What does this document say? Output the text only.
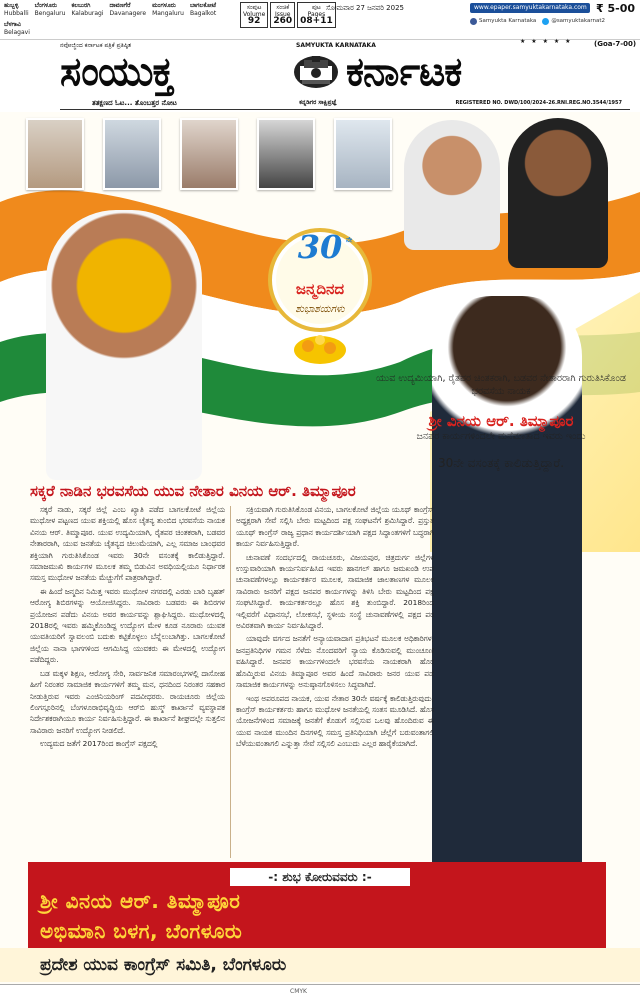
ಹುಬ್ಬಳ್ಳಿ
Hubballi
ಬೆಂಗಳೂರು
Bengaluru
ಕಲಬುರಗಿ
Kalaburagi
ದಾವಣಗೆರೆ
Davanagere
ಮಂಗಳೂರು
Mangaluru
ಬಾಗಲಕೋಟೆ
Bagalkot
ಬೆಳಗಾವಿ
Belagavi
ಸಂಪುಟ
Volume
92
ಸಂಚಿಕೆ
Issue
260
ಪುಟ
Pages
08+11
ಸೋಮವಾರ 27 ಜನವರಿ 2025	www.epaper.samyuktakarnataka.com
Samyukta Karnataka	@samyuktakarnat2
₹ 5-00
(Goa-7-00)
ನವೋಜ್ಜಿಂದ ಕರ್ನಾಟಕ ಪತ್ರಿಕೆ ಪ್ರತಿಷ್ಠಿತ	SAMYUKTA KARNATAKA
★ ★ ★ ★ ★
ಸಂಯುಕ್ತ	ಕರ್ನಾಟಕ
ತತಕ್ಷಣದ ಓಟ... ತೊಂಬತ್ತರ ನೋಟ	ಕನ್ನಡಿಗರ ಸಾಕ್ಷಿಪ್ರಜ್ಞೆ	REGISTERED NO. DWD/100/2024-26.RNI.REG.NO.3544/1957
30 ನೇ
ಜನ್ಮದಿನದ
ಶುಭಾಶಯಗಳು
ಯುವ ಉದ್ಯಮಿಯಾಗಿ, ರೈತಪರ ಚಿಂತಕರಾಗಿ, ಬಡವರ ನೇತಾರರಾಗಿ ಗುರುತಿಸಿಕೊಂಡ ಭರವಸೆಯ ನಾಯಕ
ಶ್ರೀ ವಿನಯ ಆರ್. ತಿಮ್ಮಾಪೂರ
ಜನಪರ ಕಾರ್ಯಗಳಿಂದಲೇ ಮನೆಮಾತಾದ ಇವರು ಇಂದು
30ನೇ ವಸಂತಕ್ಕೆ ಕಾಲಿಡುತ್ತಿದ್ದಾರೆ.
ಸಕ್ಕರೆ ನಾಡಿನ ಭರವಸೆಯ ಯುವ ನೇತಾರ ವಿನಯ ಆರ್. ತಿಮ್ಮಾಪೂರ

ಸಕ್ಕರೆ ನಾಡು, ಸಕ್ಕರೆ ಜಿಲ್ಲೆ ಎಂಬ ಖ್ಯಾತಿ ಪಡೆದ ಬಾಗಲಕೋಟೆ ಜಿಲ್ಲೆಯ ಮುಧೋಳ ಪಟ್ಟಣದ ಯುವ ಶಕ್ತಿಯಲ್ಲಿ ಹೊಸ ಚೈತನ್ಯ ತುಂಬಿದ ಭರವಸೆಯ ನಾಯಕ ವಿನಯ ಆರ್. ತಿಮ್ಮಾಪೂರ. ಯುವ ಉದ್ಯಮಿಯಾಗಿ, ರೈತಪರ ಚಿಂತಕರಾಗಿ, ಬಡವರ ನೇತಾರರಾಗಿ, ಯುವ ಜನತೆಯ ಚೈತನ್ಯದ ಚಿಲುಮೆಯಾಗಿ, ಎಲ್ಲ ಸಮಾಜ ಬಾಂಧವರ ಶಕ್ತಿಯಾಗಿ ಗುರುತಿಸಿಕೊಂಡ ಇವರು 30ನೇ ವಸಂತಕ್ಕೆ ಕಾಲಿಡುತ್ತಿದ್ದಾರೆ. ಸಮಾಜಮುಖಿ ಕಾರ್ಯಗಳ ಮೂಲಕ ತಮ್ಮ ಬಿಡುವಿನ ಅವಧಿಯಲ್ಲಿಯೂ ನಿರ್ಧಾರಕ ಸಮಸ್ತ ಮುಧೋಳ ಜನತೆಯ ಮೆಚ್ಚುಗೆಗೆ ಪಾತ್ರರಾಗಿದ್ದಾರೆ.

ಈ ಹಿಂದೆ ಜನ್ಮದಿನ ನಿಮಿತ್ತ ಇವರು ಮುಧೋಳ ನಗರದಲ್ಲಿ ಎರಡು ಬಾರಿ ಬೃಹತ್ ಆರೋಗ್ಯ ಶಿಬಿರಗಳನ್ನು ಆಯೋಜಿಸಿದ್ದರು. ಸಾವಿರಾರು ಬಡವರು ಈ ಶಿಬಿರಗಳ ಪ್ರಯೋಜನ ಪಡೆದು ವಿನಯ ಅವರ ಕಾರ್ಯವನ್ನು ಶ್ಲಾಘಿಸಿದ್ದರು. ಮುಧೋಳದಲ್ಲಿ 2018ರಲ್ಲಿ ಇವರು ಹಮ್ಮಿಕೊಂಡಿದ್ದ ಉದ್ಯೋಗ ಮೇಳ ಕೂಡ ನೂರಾರು ಯುವಕ ಯುವತಿಯರಿಗೆ ಸ್ವಾವಲಂಬಿ ಬದುಕು ಕಟ್ಟಿಕೊಳ್ಳಲು ಬೆನ್ನೆಲುಬಾಗಿತ್ತು. ಬಾಗಲಕೋಟೆ ಜಿಲ್ಲೆಯ ನಾನಾ ಭಾಗಗಳಿಂದ ಆಗಮಿಸಿದ್ದ ಯುವಕರು ಈ ಮೇಳದಲ್ಲಿ ಉದ್ಯೋಗ ಪಡೆದಿದ್ದರು.

ಬಡ ಮಕ್ಕಳ ಶಿಕ್ಷಣ, ಆರೋಗ್ಯ ಸೇರಿ, ಸಾರ್ವಜನಿಕ ಸಮಾರಂಭಗಳಲ್ಲಿ ದಾಸೋಹ ಹೀಗೆ ನಿರಂತರ ಸಾಮಾಜಿಕ ಕಾರ್ಯಗಳಿಗೆ ತಮ್ಮ ಮನ, ಧನದಿಂದ ನಿರಂತರ ಸಹಕಾರ ನೀಡುತ್ತಿರುವ ಇವರು ಎಂಜಿನಿಯರಿಂಗ್ ಪದವೀಧರರು. ರಾಯಚೂರು ಜಿಲ್ಲೆಯ ಲಿಂಗಸ್ಗೂರಿನಲ್ಲಿ ಬೆಂಗಳೂರಾಭಿವೃದ್ಧಿಯ ಆರ್‌ಬಿ ಹುಸ್ಮ್ ಕಾರ್ಖಾನೆ ವ್ಯವಸ್ಥಾಪಕ ನಿರ್ದೇಶಕರಾಗಿಯೂ ಕಾರ್ಯ ನಿರ್ವಹಿಸುತ್ತಿದ್ದಾರೆ. ಈ ಕಾರ್ಖಾನೆ ಶೀಘ್ರದಲ್ಲೇ ಸುತ್ತಲಿನ ಸಾವಿರಾರು ಜನರಿಗೆ ಉದ್ಯೋಗ ನೀಡಲಿದೆ.

ಉದ್ಯಮದ ಜತೆಗೆ 2017ರಿಂದ ಕಾಂಗ್ರೆಸ್ ಪಕ್ಷದಲ್ಲಿ

ಸಕ್ರಿಯವಾಗಿ ಗುರುತಿಸಿಕೊಂಡ ವಿನಯ, ಬಾಗಲಕೋಟೆ ಜಿಲ್ಲೆಯ ಯೂಥ್ ಕಾಂಗ್ರೆಸ್ ಅಧ್ಯಕ್ಷರಾಗಿ ಸೇವೆ ಸಲ್ಲಿಸಿ ಬೇರು ಮಟ್ಟದಿಂದ ಪಕ್ಷ ಸಂಘಟನೆಗೆ ಶ್ರಮಿಸಿದ್ದಾರೆ. ಪ್ರಸ್ತುತ ಯೂಥ್ ಕಾಂಗ್ರೆಸ್ ರಾಜ್ಯ ಪ್ರಧಾನ ಕಾರ್ಯದರ್ಶಿಯಾಗಿ ಪಕ್ಷದ ಸಿದ್ಧಾಂತಗಳಿಗೆ ಬದ್ಧರಾಗಿ ಕಾರ್ಯ ನಿರ್ವಹಿಸುತ್ತಿದ್ದಾರೆ.

ಚುನಾವಣೆ ಸಂದರ್ಭದಲ್ಲಿ ರಾಯಚೂರು, ವಿಜಯಪುರ, ಚಿತ್ರದುರ್ಗ ಜಿಲ್ಲೆಗಳ ಉಸ್ತುವಾರಿಯಾಗಿ ಕಾರ್ಯನಿರ್ವಹಿಸಿದ ಇವರು ಹಾನಗಲ್ ಹಾಗೂ ಜಮಖಂಡಿ ಉಪ ಚುನಾವಣೆಗಳಲ್ಲೂ ಕಾರ್ಯಕರ್ತರ ಮೂಲಕ, ಸಾಮಾಜಿಕ ಜಾಲತಾಣಗಳ ಮೂಲಕ ಸಾವಿರಾರು ಜನರಿಗೆ ಪಕ್ಷದ ಜನಪರ ಕಾರ್ಯಗಳನ್ನು ತಿಳಿಸಿ ಬೇರು ಮಟ್ಟದಿಂದ ಪಕ್ಷ ಸಂಘಟಿಸಿದ್ದಾರೆ. ಕಾರ್ಯಕರ್ತರಲ್ಲೂ ಹೊಸ ಶಕ್ತಿ ತುಂಬಿದ್ದಾರೆ. 2018ರಿಂದ ಇಲ್ಲಿವರೆಗೆ ವಿಧಾನಸಭೆ, ಲೋಕಸಭೆ, ಸ್ಥಳೀಯ ಸಂಸ್ಥೆ ಚುನಾವಣೆಗಳಲ್ಲಿ ಪಕ್ಷದ ಪರ ಅವಿರತವಾಗಿ ಕಾರ್ಯ ನಿರ್ವಹಿಸಿದ್ದಾರೆ.

ಯಾವುದೇ ವರ್ಗದ ಜನತೆಗೆ ಅನ್ಯಾಯವಾದಾಗ ಪ್ರತಿಭಟನೆ ಮೂಲಕ ಅಧಿಕಾರಿಗಳ, ಜನಪ್ರತಿನಿಧಿಗಳ ಗಮನ ಸೆಳೆದು ನೊಂದವರಿಗೆ ನ್ಯಾಯ ಕೊಡಿಸುವಲ್ಲಿ ಮುಂಚೂಣಿ ವಹಿಸಿದ್ದಾರೆ. ಜನಪರ ಕಾರ್ಯಗಳಿಂದಲೇ ಭರವಸೆಯ ನಾಯಕರಾಗಿ ಹೊರ ಹೊಮ್ಮಿರುವ ವಿನಯ ತಿಮ್ಮಾಪೂರ ಅವರ ಹಿಂದೆ ಸಾವಿರಾರು ಜನರ ಯುವ ಪಡೆ ಸಾಮಾಜಿಕ ಕಾರ್ಯಗಳನ್ನು ಅನುಷ್ಠಾನಗೊಳಿಸಲು ಸಿದ್ಧವಾಗಿದೆ.

ಇಂಥ ಅಪರೂಪದ ನಾಯಕ, ಯುವ ನೇತಾರ 30ನೇ ವರ್ಷಕ್ಕೆ ಕಾಲಿಡುತ್ತಿರುವುದು, ಕಾಂಗ್ರೆಸ್ ಕಾರ್ಯಕರ್ತರು ಹಾಗೂ ಮುಧೋಳ ಜನತೆಯಲ್ಲಿ ಸಂತಸ ಮೂಡಿಸಿದೆ. ಹೊಸ ಯೋಜನೆಗಳಿಂದ ಸಮಾಜಕ್ಕೆ ಜನತೆಗೆ ಕೊಡುಗೆ ಸಲ್ಲಿಸುವ ಒಲವು ಹೊಂದಿರುವ ಈ ಯುವ ನಾಯಕ ಮುಂದಿನ ದಿನಗಳಲ್ಲಿ ಸಮಸ್ತ ಪ್ರತಿನಿಧಿಯಾಗಿ ಜೆಲ್ಲೆಗೆ ಬರುವಂತಾಗಲಿ ಬೆಳೆಯುವಂತಾಗಲಿ ಎನ್ನುತ್ತಾ ಸೇವೆ ಸಲ್ಲಿಸಲಿ ಎಂಬುದು ಎಲ್ಲರ ಹಾರೈಕೆಯಾಗಿದೆ.

-: ಶುಭ ಕೋರುವವರು :-
ಶ್ರೀ ವಿನಯ ಆರ್. ತಿಮ್ಮಾಪೂರ
ಅಭಿಮಾನಿ ಬಳಗ, ಬೆಂಗಳೂರು
ಪ್ರದೇಶ ಯುವ ಕಾಂಗ್ರೆಸ್ ಸಮಿತಿ, ಬೆಂಗಳೂರು
CMYK
